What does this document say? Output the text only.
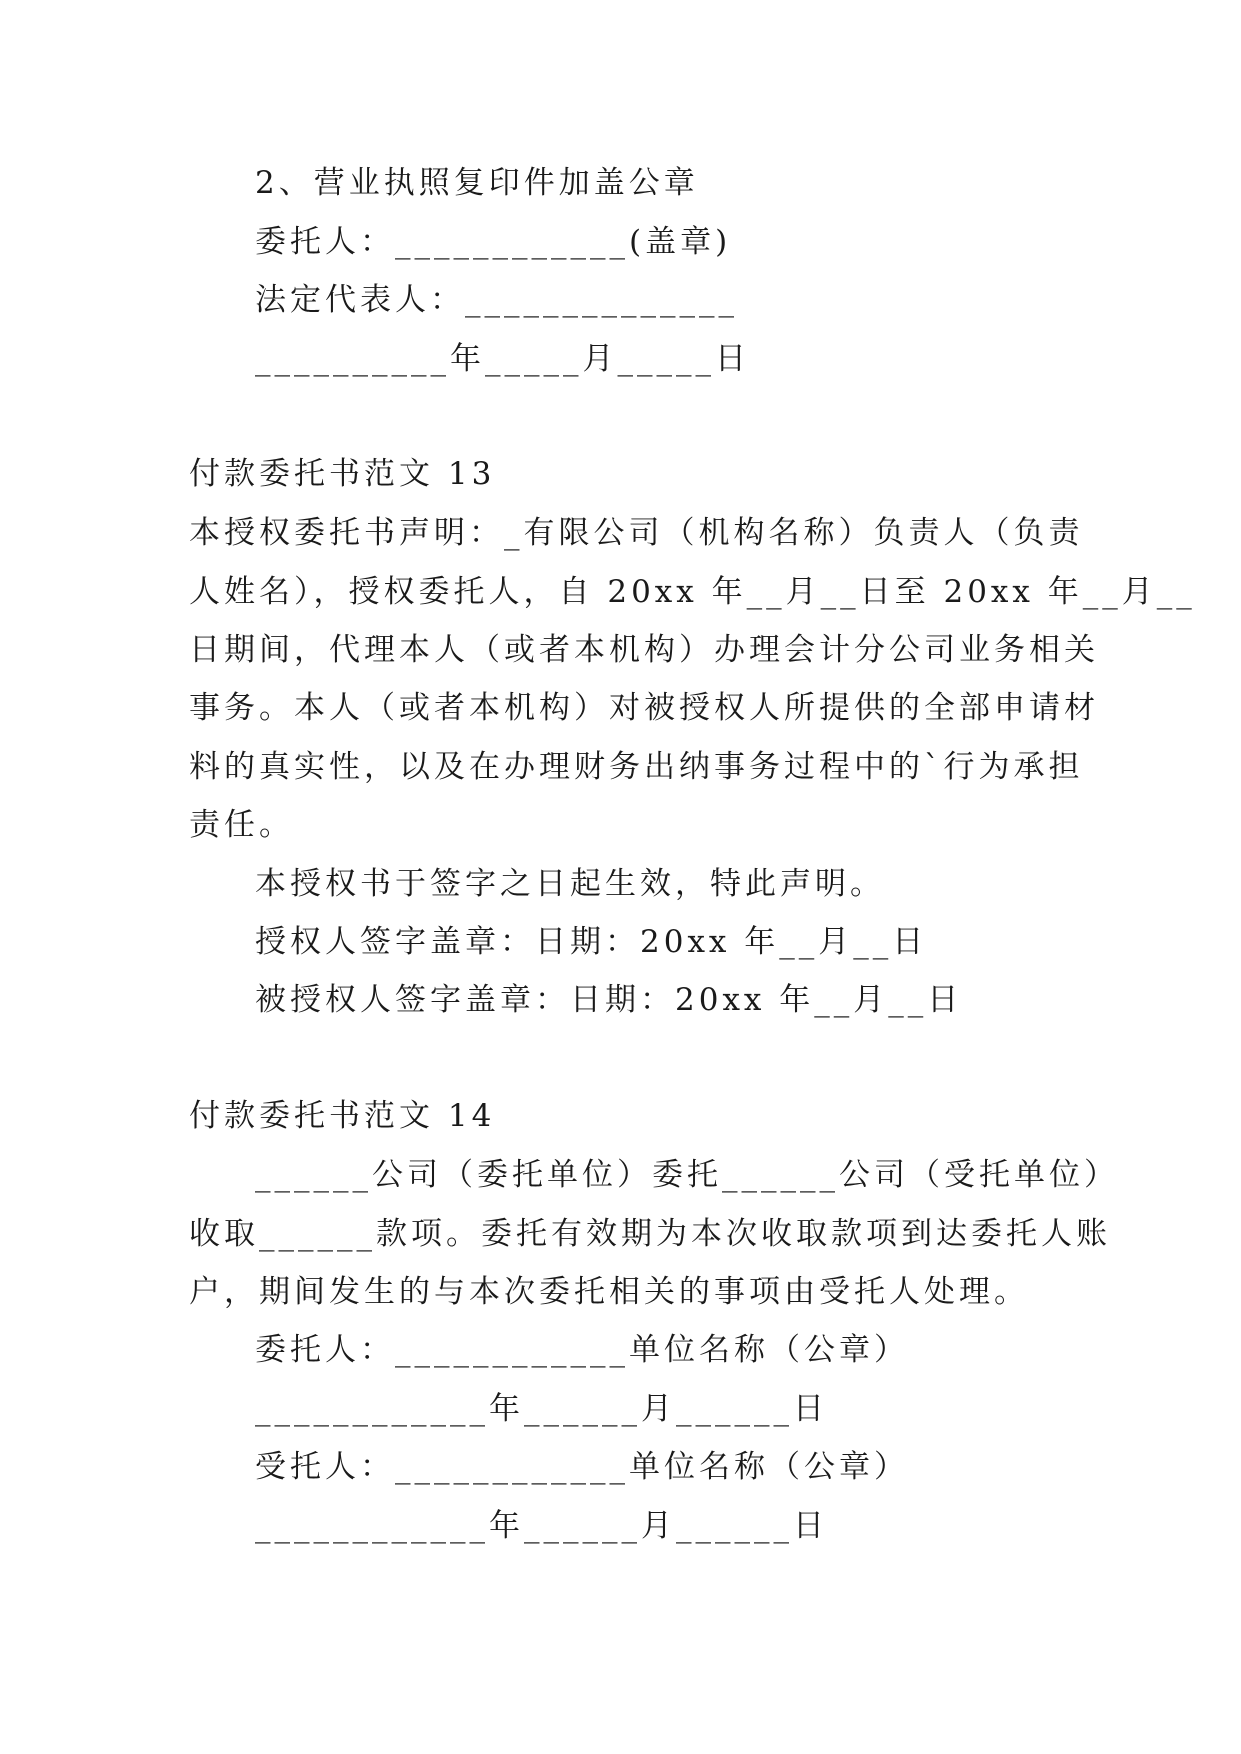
2、营业执照复印件加盖公章
委托人：____________(盖章)
法定代表人：______________
__________年_____月_____日
付款委托书范文 13
本授权委托书声明：_有限公司（机构名称）负责人（负责
人姓名），授权委托人，自 20xx 年__月__日至 20xx 年__月__
日期间，代理本人（或者本机构）办理会计分公司业务相关
事务。本人（或者本机构）对被授权人所提供的全部申请材
料的真实性，以及在办理财务出纳事务过程中的`行为承担
责任。
本授权书于签字之日起生效，特此声明。
授权人签字盖章：日期：20xx 年__月__日
被授权人签字盖章：日期：20xx 年__月__日
付款委托书范文 14
______公司（委托单位）委托______公司（受托单位）
收取______款项。委托有效期为本次收取款项到达委托人账
户，期间发生的与本次委托相关的事项由受托人处理。
委托人：____________单位名称（公章）
____________年______月______日
受托人：____________单位名称（公章）
____________年______月______日
